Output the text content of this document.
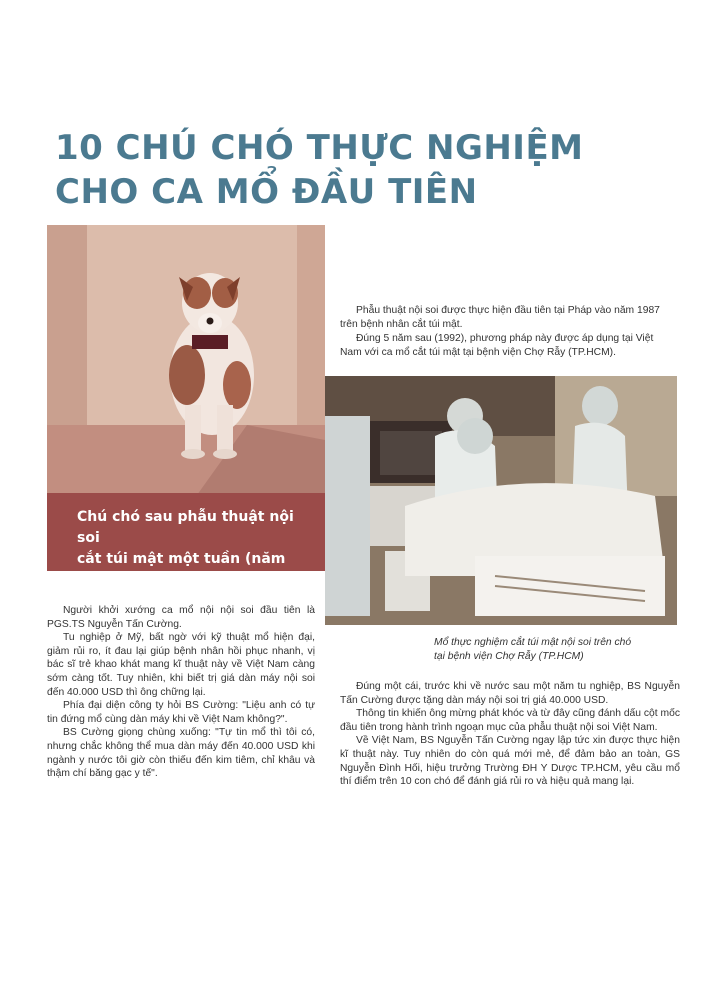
10 CHÚ CHÓ THỰC NGHIỆM
CHO CA MỔ ĐẦU TIÊN
Chú chó sau phẫu thuật nội soi
cắt túi mật một tuần (năm 1992)

Phẫu thuật nội soi được thực hiện đầu tiên tại Pháp vào năm 1987 trên bệnh nhân cắt túi mật.

Đúng 5 năm sau (1992), phương pháp này được áp dụng tại Việt Nam với ca mổ cắt túi mật tại bệnh viện Chợ Rẫy (TP.HCM).

Mổ thực nghiệm cắt túi mật nội soi trên chó
tại bệnh viện Chợ Rẫy (TP.HCM)

Người khởi xướng ca mổ nội nội soi đầu tiên là PGS.TS Nguyễn Tấn Cường.

Tu nghiệp ở Mỹ, bất ngờ với kỹ thuật mổ hiện đại, giảm rủi ro, ít đau lại giúp bệnh nhân hồi phục nhanh, vị bác sĩ trẻ khao khát mang kĩ thuật này về Việt Nam càng sớm càng tốt. Tuy nhiên, khi biết trị giá dàn máy nội soi đến 40.000 USD thì ông chững lại.

Phía đại diện công ty hỏi BS Cường: "Liệu anh có tự tin đứng mổ cùng dàn máy khi về Việt Nam không?".

BS Cường giọng chùng xuống: "Tự tin mổ thì tôi có, nhưng chắc không thể mua dàn máy đến 40.000 USD khi ngành y nước tôi giờ còn thiếu đến kim tiêm, chỉ khâu và thậm chí băng gạc y tế".

Đúng một cái, trước khi về nước sau một năm tu nghiệp, BS Nguyễn Tấn Cường được tặng dàn máy nội soi trị giá 40.000 USD.

Thông tin khiến ông mừng phát khóc và từ đây cũng đánh dấu cột mốc đầu tiên trong hành trình ngoạn mục của phẫu thuật nội soi Việt Nam.

Về Việt Nam, BS Nguyễn Tấn Cường ngay lập tức xin được thực hiện kĩ thuật này. Tuy nhiên do còn quá mới mẻ, để đảm bảo an toàn, GS Nguyễn Đình Hối, hiệu trưởng Trường ĐH Y Dược TP.HCM, yêu cầu mổ thí điểm trên 10 con chó để đánh giá rủi ro và hiệu quả mang lại.
